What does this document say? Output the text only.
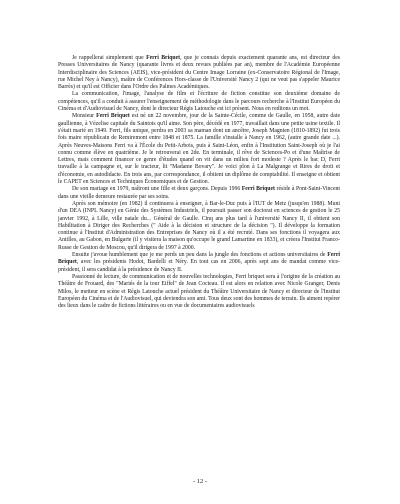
Je rappellerai simplement que Ferri Briquet, que je connais depuis exactement quarante ans, est directeur des Presses Universitaires de Nancy (quarante livres et deux revues publiées par an), membre de l'Académie Européenne Interdisciplinaire des Sciences (AEIS), vice-président du Centre Image Lorraine (ex-Conservatoire Régional de l'Image, rue Michel Ney à Nancy), maître de Conférences Hors-classe de l'Université Nancy 2 (qui ne veut pas s'appeler Maurice Barrès) et qu'il est Officier dans l'Ordre des Palmes Académiques.

La communication, l'image, l'analyse de film et l'écriture de fiction constitue son deuxième domaine de compétences, qu'il a conduit à assurer l'enseignement de méthodologie dans le parcours recherche à l'Institut Européen du Cinéma et d'Audiovisuel de Nancy, dont le directeur Régis Latouche est ici présent. Nous en reditons un mot.

Monsieur Ferri Briquet est né un 22 novembre, jour de la Sainte-Cécile, comme de Gaulle, en 1958, autre date gaullienne, à Vézelise capitale du Saintois qu'il aime. Son père, décédé en 1977, travaillait dans une petite usine textile. Il s'était marié en 1949. Ferri, fils unique, perdra en 2003 sa maman dont un ancêtre, Joseph Magnien (1810-1892) fut trois fois maire républicain de Remiremont entre 1848 et 1875. La famille s'installe à Nancy en 1962, (autre grande date ...). Après Neuves-Maisons Ferri va à l'École du Petit-Arbois, puis à Saint-Léon, enfin à l'Institution Saint-Joseph où je l'ai connu comme élève en quatrième. Je le retrouverai en 2de. En terminale, il rêve de Sciences-Po et d'une Maîtrise de Lettres, mais comment financer ce genre d'études quand on vit dans un milieu fort modeste ? Après le bac D, Ferri travaille à la campagne et, sur le tracteur, lit "Madame Bovary". Je voici plon à La Malgrange et Rires de droit et d'économie, en autodidacte. En trois ans, par correspondance, il obtient un diplôme de comptabilité. Il enseigne et obtient le CAPET en Sciences et Techniques Économiques et de Gestion.

De son mariage en 1979, naîtront une fille et deux garçons. Depuis 1996 Ferri Briquet réside à Pont-Saint-Vincent dans une vieille demeure restaurée par ses soins.

Après son mémoire (en 1982) il continuera à enseigner, à Bar-le-Duc puis à l'IUT de Metz (jusqu'en 1988). Muni d'un DEA (INPL Nancy) en Génie des Systèmes Industriels, il poursuit passer son doctorat en sciences de gestion le 25 janvier 1992, à Lille, ville natale du... Général de Gaulle. Cinq ans plus tard à l'université Nancy II, il obtient son Habilitation à Diriger des Recherches (" Aide à la décision et structure de la décision "). Il développe la formation continue à l'Institut d'Administration des Entreprises de Nancy où il a été recruté. Dans ses fonctions il voyagera aux Antilles, au Gabon, en Bulgarie (il y visitera la maison qu'occupe le grand Lamartine en 1833), et créera l'Institut Franco-Russe de Gestion de Moscou, qu'il dirigera de 1997 à 2000.

Ensuite j'avoue humblement que je me perds un peu dans la jungle des fonctions et actions universitaires de Ferri Briquet, avec les présidents Hodot, Bardelli et Néry. En tout cas en 2006, après sept ans de mandat comme vice-président, il sera candidat à la présidence de Nancy II.

Passionné de lecture, de communication et de nouvelles technologies, Ferri briquet sera à l'origine de la création au Théâtre de Frouard, des "Mariés de la tour Eiffel" de Jean Cocteau. Il est alors en relation avec Nicole Granger, Denis Milos, le metteur en scène et Régis Latouche actuel président du Théâtre Universitaire de Nancy et directeur de l'Institut Européen du Cinéma et de l'Audiovisuel, qui deviendra son ami. Tous deux sont des hommes de terrain. Ils aiment repérer des lieux dans le cadre de fictions littéraires ou en vue de documentaires audiovisuels

- 12 -
